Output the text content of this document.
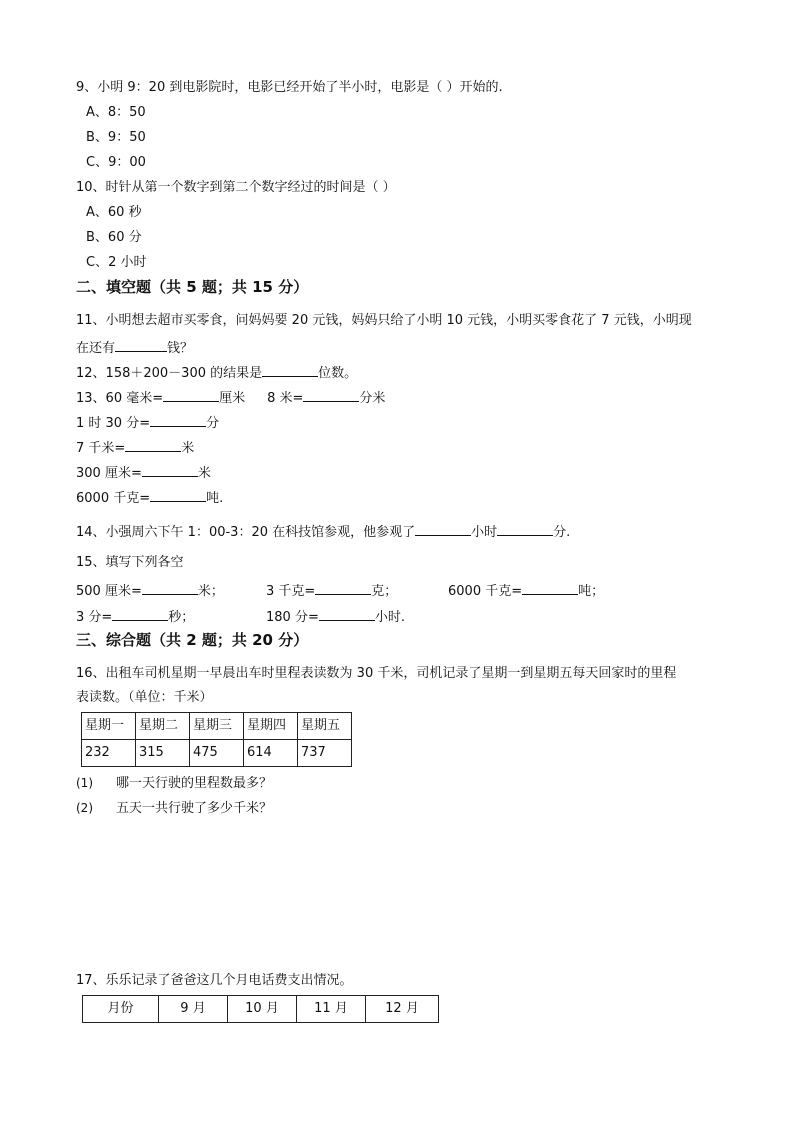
9、小明 9：20 到电影院时，电影已经开始了半小时，电影是（ ）开始的.
A、8：50
B、9：50
C、9：00
10、时针从第一个数字到第二个数字经过的时间是（ ）
A、60 秒
B、60 分
C、2 小时
二、填空题（共 5 题；共 15 分）
11、小明想去超市买零食，问妈妈要 20 元钱，妈妈只给了小明 10 元钱，小明买零食花了 7 元钱，小明现
在还有	钱？
12、158＋200－300 的结果是	位数。
13、60 毫米=	厘米 8 米=	分米
1 时 30 分=	分
7 千米=	米
300 厘米=	米
6000 千克=	吨.
14、小强周六下午 1：00-3：20 在科技馆参观，他参观了	小时	分.
15、填写下列各空
500 厘米=	米；	3 千克=	克；	6000 千克=	吨；
3 分=	秒；	180 分=	小时.
三、综合题（共 2 题；共 20 分）
16、出租车司机星期一早晨出车时里程表读数为 30 千米，司机记录了星期一到星期五每天回家时的里程
表读数。（单位：千米）
星期一	星期二	星期三	星期四	星期五
232	315	475	614	737
(1) 哪一天行驶的里程数最多？
(2) 五天一共行驶了多少千米？
17、乐乐记录了爸爸这几个月电话费支出情况。
月份	9 月	10 月	11 月	12 月
